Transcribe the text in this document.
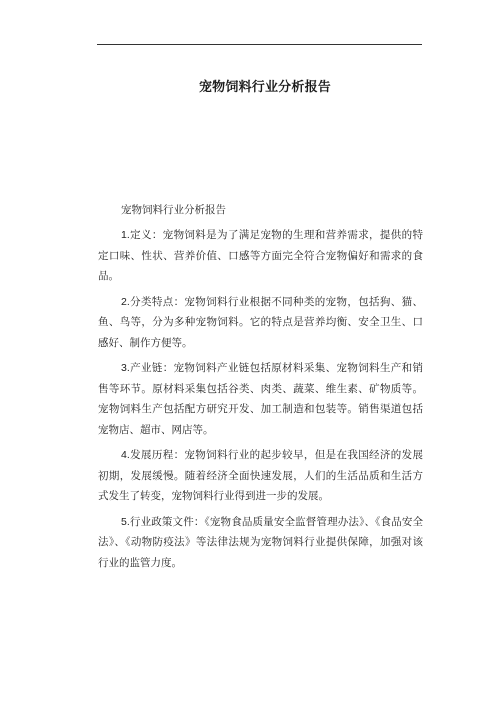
宠物饲料行业分析报告

宠物饲料行业分析报告

1.定义：宠物饲料是为了满足宠物的生理和营养需求，提供的特定口味、性状、营养价值、口感等方面完全符合宠物偏好和需求的食品。

2.分类特点：宠物饲料行业根据不同种类的宠物，包括狗、猫、鱼、鸟等，分为多种宠物饲料。它的特点是营养均衡、安全卫生、口感好、制作方便等。

3.产业链：宠物饲料产业链包括原材料采集、宠物饲料生产和销售等环节。原材料采集包括谷类、肉类、蔬菜、维生素、矿物质等。宠物饲料生产包括配方研究开发、加工制造和包装等。销售渠道包括宠物店、超市、网店等。

4.发展历程：宠物饲料行业的起步较早，但是在我国经济的发展初期，发展缓慢。随着经济全面快速发展，人们的生活品质和生活方式发生了转变，宠物饲料行业得到进一步的发展。

5.行业政策文件：《宠物食品质量安全监督管理办法》、《食品安全法》、《动物防疫法》等法律法规为宠物饲料行业提供保障，加强对该行业的监管力度。
